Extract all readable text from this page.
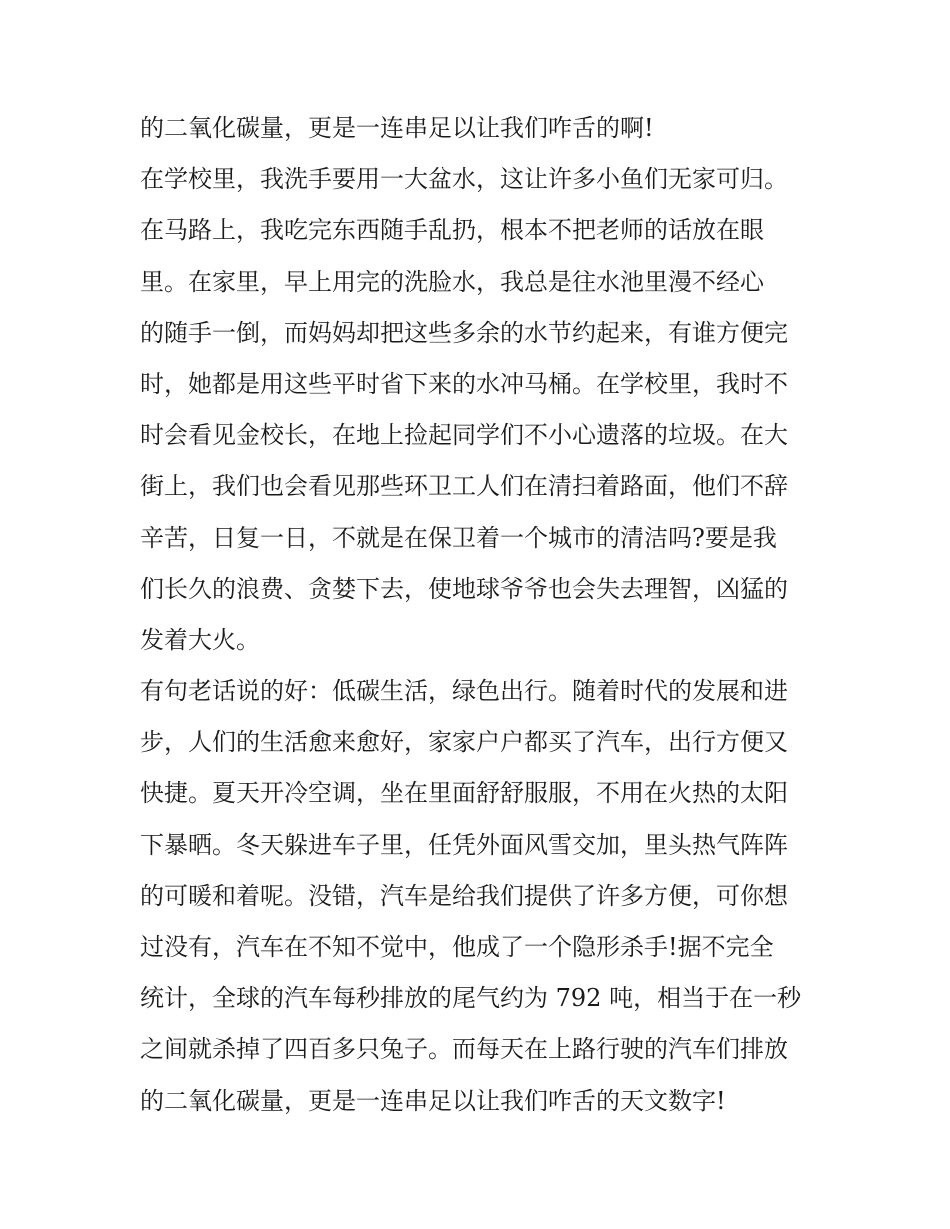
的二氧化碳量，更是一连串足以让我们咋舌的啊!
在学校里，我洗手要用一大盆水，这让许多小鱼们无家可归。
在马路上，我吃完东西随手乱扔，根本不把老师的话放在眼
里。在家里，早上用完的洗脸水，我总是往水池里漫不经心
的随手一倒，而妈妈却把这些多余的水节约起来，有谁方便完
时，她都是用这些平时省下来的水冲马桶。在学校里，我时不
时会看见金校长，在地上捡起同学们不小心遗落的垃圾。在大
街上，我们也会看见那些环卫工人们在清扫着路面，他们不辞
辛苦，日复一日，不就是在保卫着一个城市的清洁吗?要是我
们长久的浪费、贪婪下去，使地球爷爷也会失去理智，凶猛的
发着大火。
有句老话说的好：低碳生活，绿色出行。随着时代的发展和进
步，人们的生活愈来愈好，家家户户都买了汽车，出行方便又
快捷。夏天开冷空调，坐在里面舒舒服服，不用在火热的太阳
下暴晒。冬天躲进车子里，任凭外面风雪交加，里头热气阵阵
的可暖和着呢。没错，汽车是给我们提供了许多方便，可你想
过没有，汽车在不知不觉中，他成了一个隐形杀手!据不完全
统计，全球的汽车每秒排放的尾气约为 792 吨，相当于在一秒
之间就杀掉了四百多只兔子。而每天在上路行驶的汽车们排放
的二氧化碳量，更是一连串足以让我们咋舌的天文数字!
